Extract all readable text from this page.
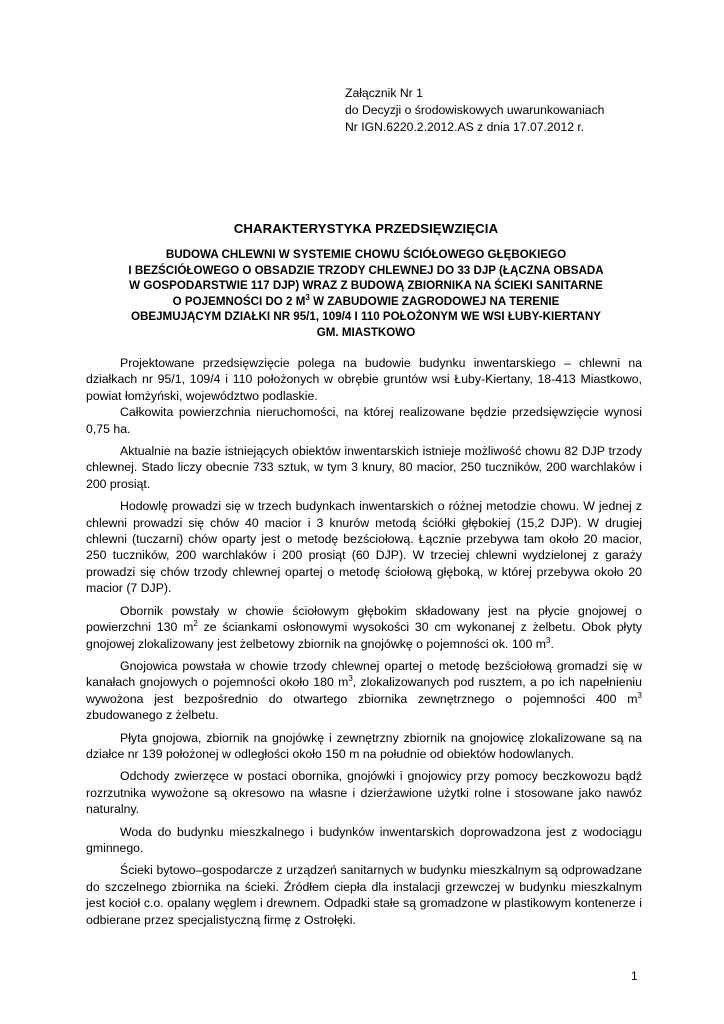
Załącznik Nr 1
do Decyzji o środowiskowych uwarunkowaniach
Nr IGN.6220.2.2012.AS z dnia 17.07.2012 r.
CHARAKTERYSTYKA PRZEDSIĘWZIĘCIA
BUDOWA CHLEWNI W SYSTEMIE CHOWU ŚCIÓŁOWEGO GŁĘBOKIEGO
I BEZŚCIÓŁOWEGO O OBSADZIE TRZODY CHLEWNEJ DO 33 DJP (ŁĄCZNA OBSADA
W GOSPODARSTWIE 117 DJP) WRAZ Z BUDOWĄ ZBIORNIKA NA ŚCIEKI SANITARNE
O POJEMNOŚCI DO 2 $M^3$ W ZABUDOWIE ZAGRODOWEJ NA TERENIE
OBEJMUJĄCYM DZIAŁKI NR 95/1, 109/4 I 110 POŁOŻONYM WE WSI ŁUBY-KIERTANY
GM. MIASTKOWO

Projektowane przedsięwzięcie polega na budowie budynku inwentarskiego – chlewni na działkach nr 95/1, 109/4 i 110 położonych w obrębie gruntów wsi Łuby-Kiertany, 18-413 Miastkowo, powiat łomżyński, województwo podlaskie.

Całkowita powierzchnia nieruchomości, na której realizowane będzie przedsięwzięcie wynosi 0,75 ha.

Aktualnie na bazie istniejących obiektów inwentarskich istnieje możliwość chowu 82 DJP trzody chlewnej. Stado liczy obecnie 733 sztuk, w tym 3 knury, 80 macior, 250 tuczników, 200 warchlaków i 200 prosiąt.

Hodowlę prowadzi się w trzech budynkach inwentarskich o różnej metodzie chowu. W jednej z chlewni prowadzi się chów 40 macior i 3 knurów metodą ściółki głębokiej (15,2 DJP). W drugiej chlewni (tuczarni) chów oparty jest o metodę bezściołową. Łącznie przebywa tam około 20 macior, 250 tuczników, 200 warchlaków i 200 prosiąt (60 DJP). W trzeciej chlewni wydzielonej z garaży prowadzi się chów trzody chlewnej opartej o metodę ściołową głęboką, w której przebywa około 20 macior (7 DJP).

Obornik powstały w chowie ściołowym głębokim składowany jest na płycie gnojowej o powierzchni 130 $m^2$ ze ściankami osłonowymi wysokości 30 cm wykonanej z żelbetu. Obok płyty gnojowej zlokalizowany jest żelbetowy zbiornik na gnojówkę o pojemności ok. 100 $m^3$.

Gnojowica powstała w chowie trzody chlewnej opartej o metodę bezściołową gromadzi się w kanałach gnojowych o pojemności około 180 $m^3$, zlokalizowanych pod rusztem, a po ich napełnieniu wywożona jest bezpośrednio do otwartego zbiornika zewnętrznego o pojemności 400 $m^3$ zbudowanego z żelbetu.

Płyta gnojowa, zbiornik na gnojówkę i zewnętrzny zbiornik na gnojowicę zlokalizowane są na działce nr 139 położonej w odległości około 150 m na południe od obiektów hodowlanych.

Odchody zwierzęce w postaci obornika, gnojówki i gnojowicy przy pomocy beczkowozu bądź rozrzutnika wywożone są okresowo na własne i dzierżawione użytki rolne i stosowane jako nawóz naturalny.

Woda do budynku mieszkalnego i budynków inwentarskich doprowadzona jest z wodociągu gminnego.

Ścieki bytowo–gospodarcze z urządzeń sanitarnych w budynku mieszkalnym są odprowadzane do szczelnego zbiornika na ścieki. Źródłem ciepła dla instalacji grzewczej w budynku mieszkalnym jest kocioł c.o. opalany węglem i drewnem. Odpadki stałe są gromadzone w plastikowym kontenerze i odbierane przez specjalistyczną firmę z Ostrołęki.

1
